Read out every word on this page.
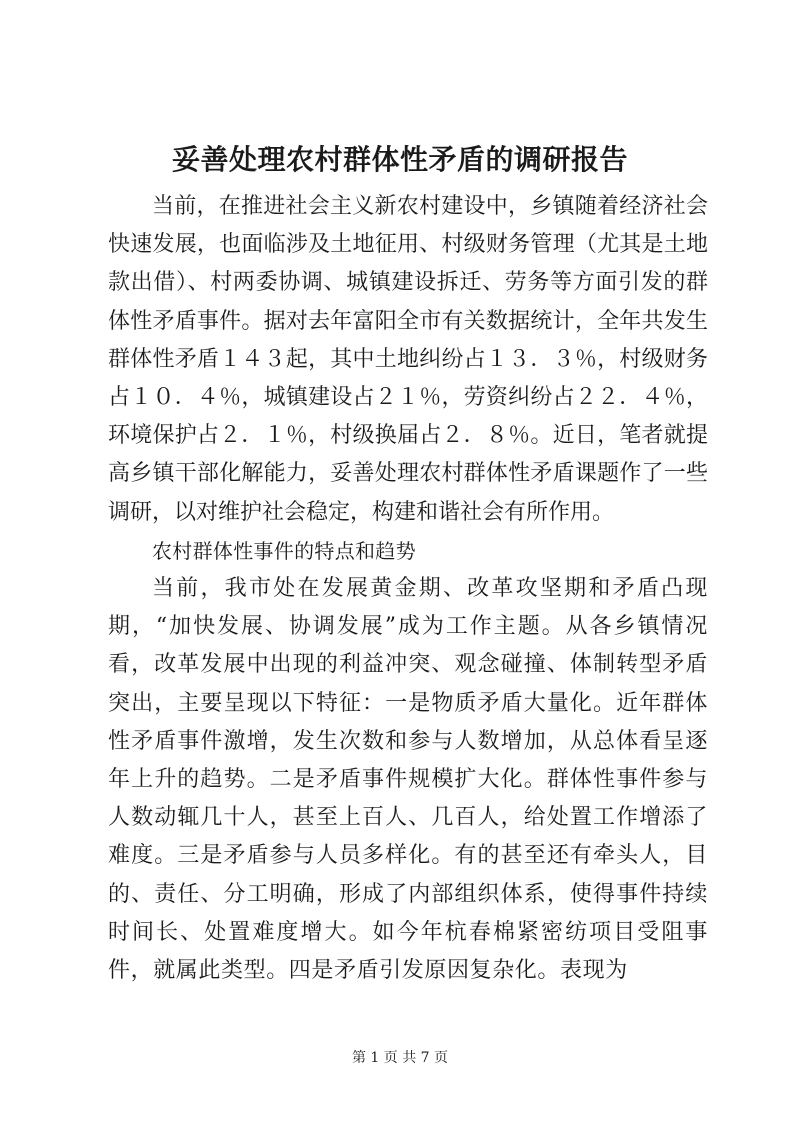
妥善处理农村群体性矛盾的调研报告

当前，在推进社会主义新农村建设中，乡镇随着经济社会快速发展，也面临涉及土地征用、村级财务管理（尤其是土地款出借）、村两委协调、城镇建设拆迁、劳务等方面引发的群体性矛盾事件。据对去年富阳全市有关数据统计，全年共发生群体性矛盾１４３起，其中土地纠纷占１３．３％，村级财务占１０．４％，城镇建设占２１％，劳资纠纷占２２．４％，环境保护占２．１％，村级换届占２．８％。近日，笔者就提高乡镇干部化解能力，妥善处理农村群体性矛盾课题作了一些调研，以对维护社会稳定，构建和谐社会有所作用。

农村群体性事件的特点和趋势

当前，我市处在发展黄金期、改革攻坚期和矛盾凸现期，“加快发展、协调发展”成为工作主题。从各乡镇情况看，改革发展中出现的利益冲突、观念碰撞、体制转型矛盾突出，主要呈现以下特征：一是物质矛盾大量化。近年群体性矛盾事件激增，发生次数和参与人数增加，从总体看呈逐年上升的趋势。二是矛盾事件规模扩大化。群体性事件参与人数动辄几十人，甚至上百人、几百人，给处置工作增添了难度。三是矛盾参与人员多样化。有的甚至还有牵头人，目的、责任、分工明确，形成了内部组织体系，使得事件持续时间长、处置难度增大。如今年杭春棉紧密纺项目受阻事件，就属此类型。四是矛盾引发原因复杂化。表现为

第 1 页 共 7 页
